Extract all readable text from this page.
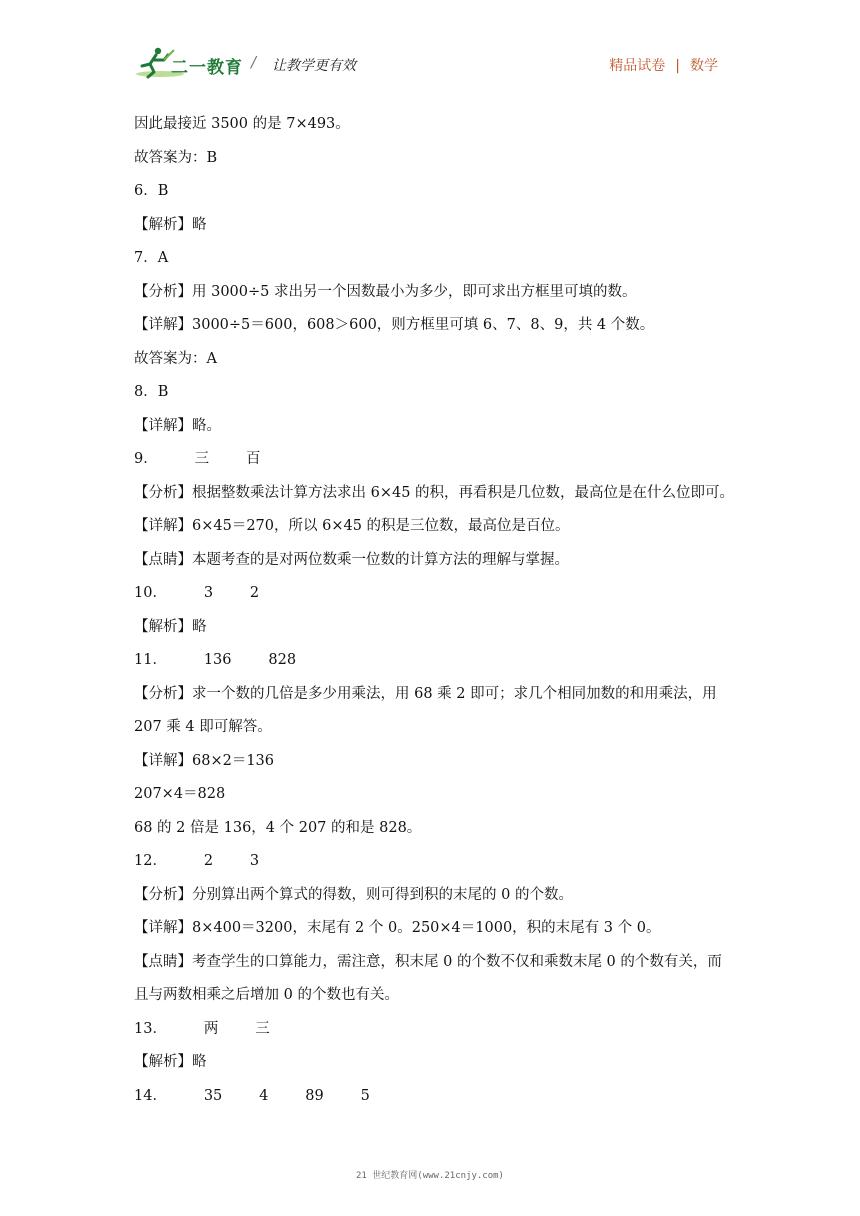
二一教育 / 让教学更有效	精品试卷 | 数学
因此最接近 3500 的是 7×493。
故答案为：B
6．B
【解析】略
7．A
【分析】用 3000÷5 求出另一个因数最小为多少，即可求出方框里可填的数。
【详解】3000÷5＝600，608＞600，则方框里可填 6、7、8、9，共 4 个数。
故答案为：A
8．B
【详解】略。
9．        三        百
【分析】根据整数乘法计算方法求出 6×45 的积，再看积是几位数，最高位是在什么位即可。
【详解】6×45＝270，所以 6×45 的积是三位数，最高位是百位。
【点睛】本题考查的是对两位数乘一位数的计算方法的理解与掌握。
10．        3        2
【解析】略
11．        136        828
【分析】求一个数的几倍是多少用乘法，用 68 乘 2 即可；求几个相同加数的和用乘法，用
207 乘 4 即可解答。
【详解】68×2＝136
207×4＝828
68 的 2 倍是 136，4 个 207 的和是 828。
12．        2        3
【分析】分别算出两个算式的得数，则可得到积的末尾的 0 的个数。
【详解】8×400＝3200，末尾有 2 个 0。250×4＝1000，积的末尾有 3 个 0。
【点睛】考查学生的口算能力，需注意，积末尾 0 的个数不仅和乘数末尾 0 的个数有关，而
且与两数相乘之后增加 0 的个数也有关。
13．        两        三
【解析】略
14．        35        4        89        5
21 世纪教育网(www.21cnjy.com)
